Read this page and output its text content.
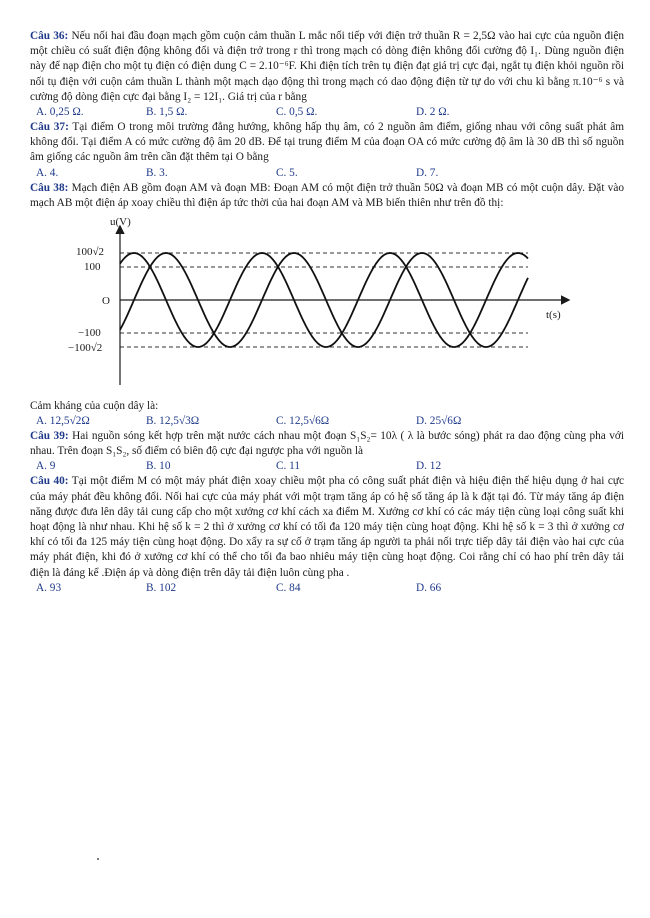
Câu 36: Nếu nối hai đầu đoạn mạch gồm cuộn cảm thuần L mắc nối tiếp với điện trở thuần R = 2,5Ω vào hai cực của nguồn điện một chiều có suất điện động không đổi và điện trở trong r thì trong mạch có dòng điện không đổi cường độ I₁. Dùng nguồn điện này để nạp điện cho một tụ điện có điện dung C = 2.10⁻⁶F. Khi điện tích trên tụ điện đạt giá trị cực đại, ngắt tụ điện khỏi nguồn rồi nối tụ điện với cuộn cảm thuần L thành một mạch dạo động thì trong mạch có dao động điện từ tự do với chu kì bằng π.10⁻⁶ s và cường độ dòng điện cực đại bằng I₂ = 12I₁. Giá trị của r bằng

A. 0,25 Ω.	B. 1,5 Ω.	C. 0,5 Ω.	D. 2 Ω.

Câu 37: Tại điểm O trong môi trường đẳng hướng, không hấp thụ âm, có 2 nguồn âm điểm, giống nhau với công suất phát âm không đổi. Tại điểm A có mức cường độ âm 20 dB. Để tại trung điểm M của đoạn OA có mức cường độ âm là 30 dB thì số nguồn âm giống các nguồn âm trên cần đặt thêm tại O bằng

A. 4.	B. 3.	C. 5.	D. 7.

Câu 38: Mạch điện AB gồm đoạn AM và đoạn MB: Đoạn AM có một điện trở thuần 50Ω và đoạn MB có một cuộn dây. Đặt vào mạch AB một điện áp xoay chiều thì điện áp tức thời của hai đoạn AM và MB biến thiên như trên đồ thị:

u(V)
t(s)
100√2
100
O
−100
−100√2

Cảm kháng của cuộn dây là:

A. 12,5√2Ω	B. 12,5√3Ω	C. 12,5√6Ω	D. 25√6Ω

Câu 39: Hai nguồn sóng kết hợp trên mặt nước cách nhau một đoạn S₁S₂= 10λ ( λ là bước sóng) phát ra dao động cùng pha với nhau. Trên đoạn S₁S₂, số điểm có biên độ cực đại ngược pha với nguồn là

A. 9	B. 10	C. 11	D. 12

Câu 40: Tại một điểm M có một máy phát điện xoay chiều một pha có công suất phát điện và hiệu điện thế hiệu dụng ở hai cực của máy phát đều không đổi. Nối hai cực của máy phát với một trạm tăng áp có hệ số tăng áp là k đặt tại đó. Từ máy tăng áp điện năng được đưa lên dây tải cung cấp cho một xưởng cơ khí cách xa điểm M. Xưởng cơ khí có các máy tiện cùng loại công suất khi hoạt động là như nhau. Khi hệ số k = 2 thì ở xưởng cơ khí có tối đa 120 máy tiện cùng hoạt động. Khi hệ số k = 3 thì ở xưởng cơ khí có tối đa 125 máy tiện cùng hoạt động. Do xẩy ra sự cố ở trạm tăng áp người ta phải nối trực tiếp dây tải điện vào hai cực của máy phát điện, khi đó ở xưởng cơ khí có thể cho tối đa bao nhiêu máy tiện cùng hoạt động. Coi rằng chỉ có hao phí trên dây tải điện là đáng kể .Điện áp và dòng điện trên dây tải điện luôn cùng pha .

A. 93	B. 102	C. 84	D. 66
